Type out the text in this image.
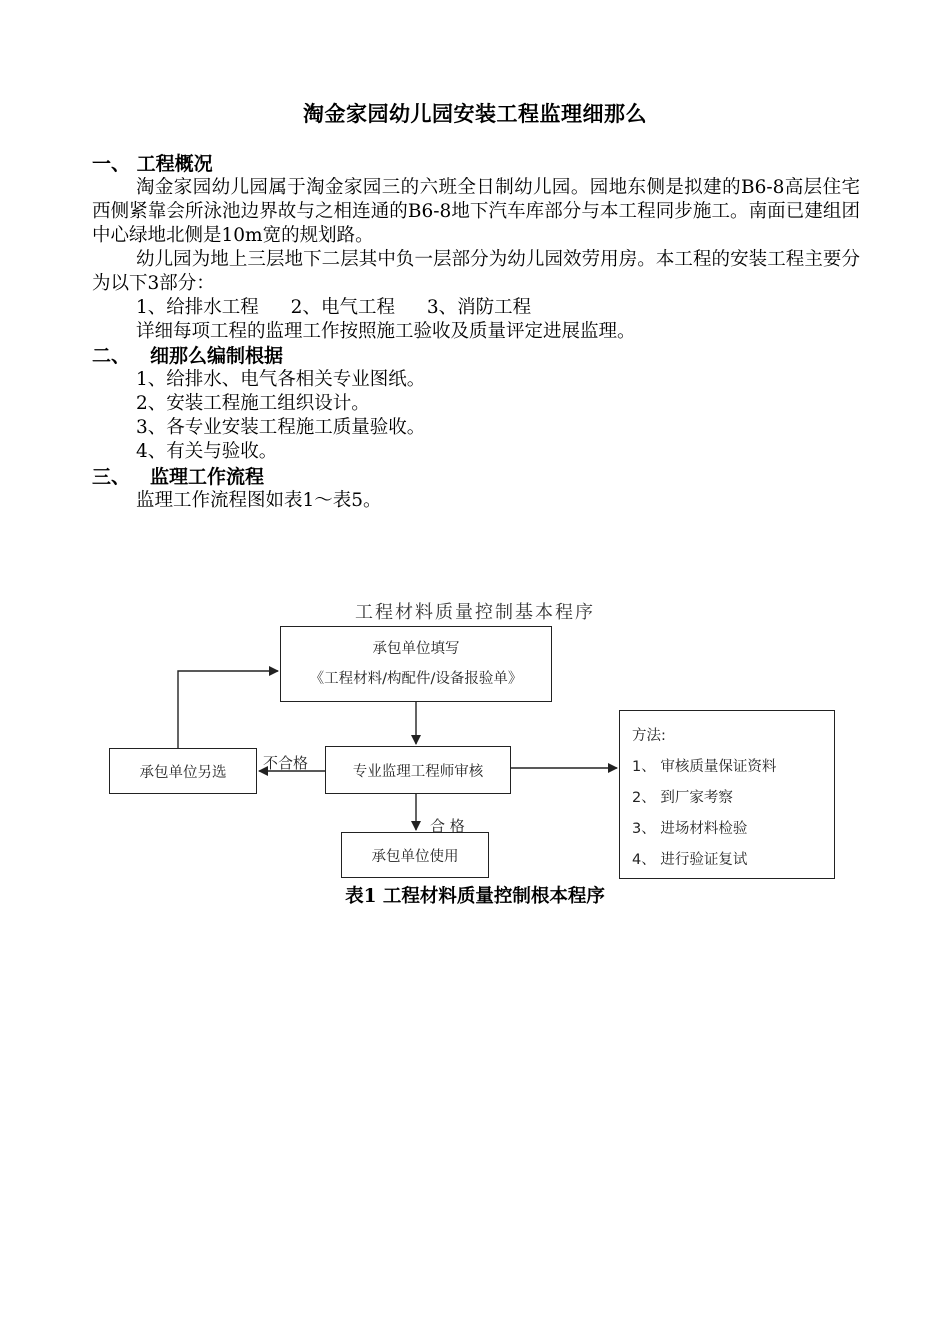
淘金家园幼儿园安装工程监理细那么
一、 工程概况
淘金家园幼儿园属于淘金家园三的六班全日制幼儿园。园地东侧是拟建的B6-8高层住宅西侧紧靠会所泳池边界故与之相连通的B6-8地下汽车库部分与本工程同步施工。南面已建组团中心绿地北侧是10m宽的规划路。
幼儿园为地上三层地下二层其中负一层部分为幼儿园效劳用房。本工程的安装工程主要分为以下3部分：
1、给排水工程 2、电气工程 3、消防工程
详细每项工程的监理工作按照施工验收及质量评定进展监理。
二、 细那么编制根据
1、给排水、电气各相关专业图纸。
2、安装工程施工组织设计。
3、各专业安装工程施工质量验收。
4、有关与验收。
三、 监理工作流程
监理工作流程图如表1～表5。
工程材料质量控制基本程序
承包单位填写
《工程材料/构配件/设备报验单》
专业监理工程师审核
承包单位另选
承包单位使用
方法:
1、 审核质量保证资料
2、 到厂家考察
3、 进场材料检验
4、 进行验证复试
不合格
合 格
表1 工程材料质量控制根本程序
